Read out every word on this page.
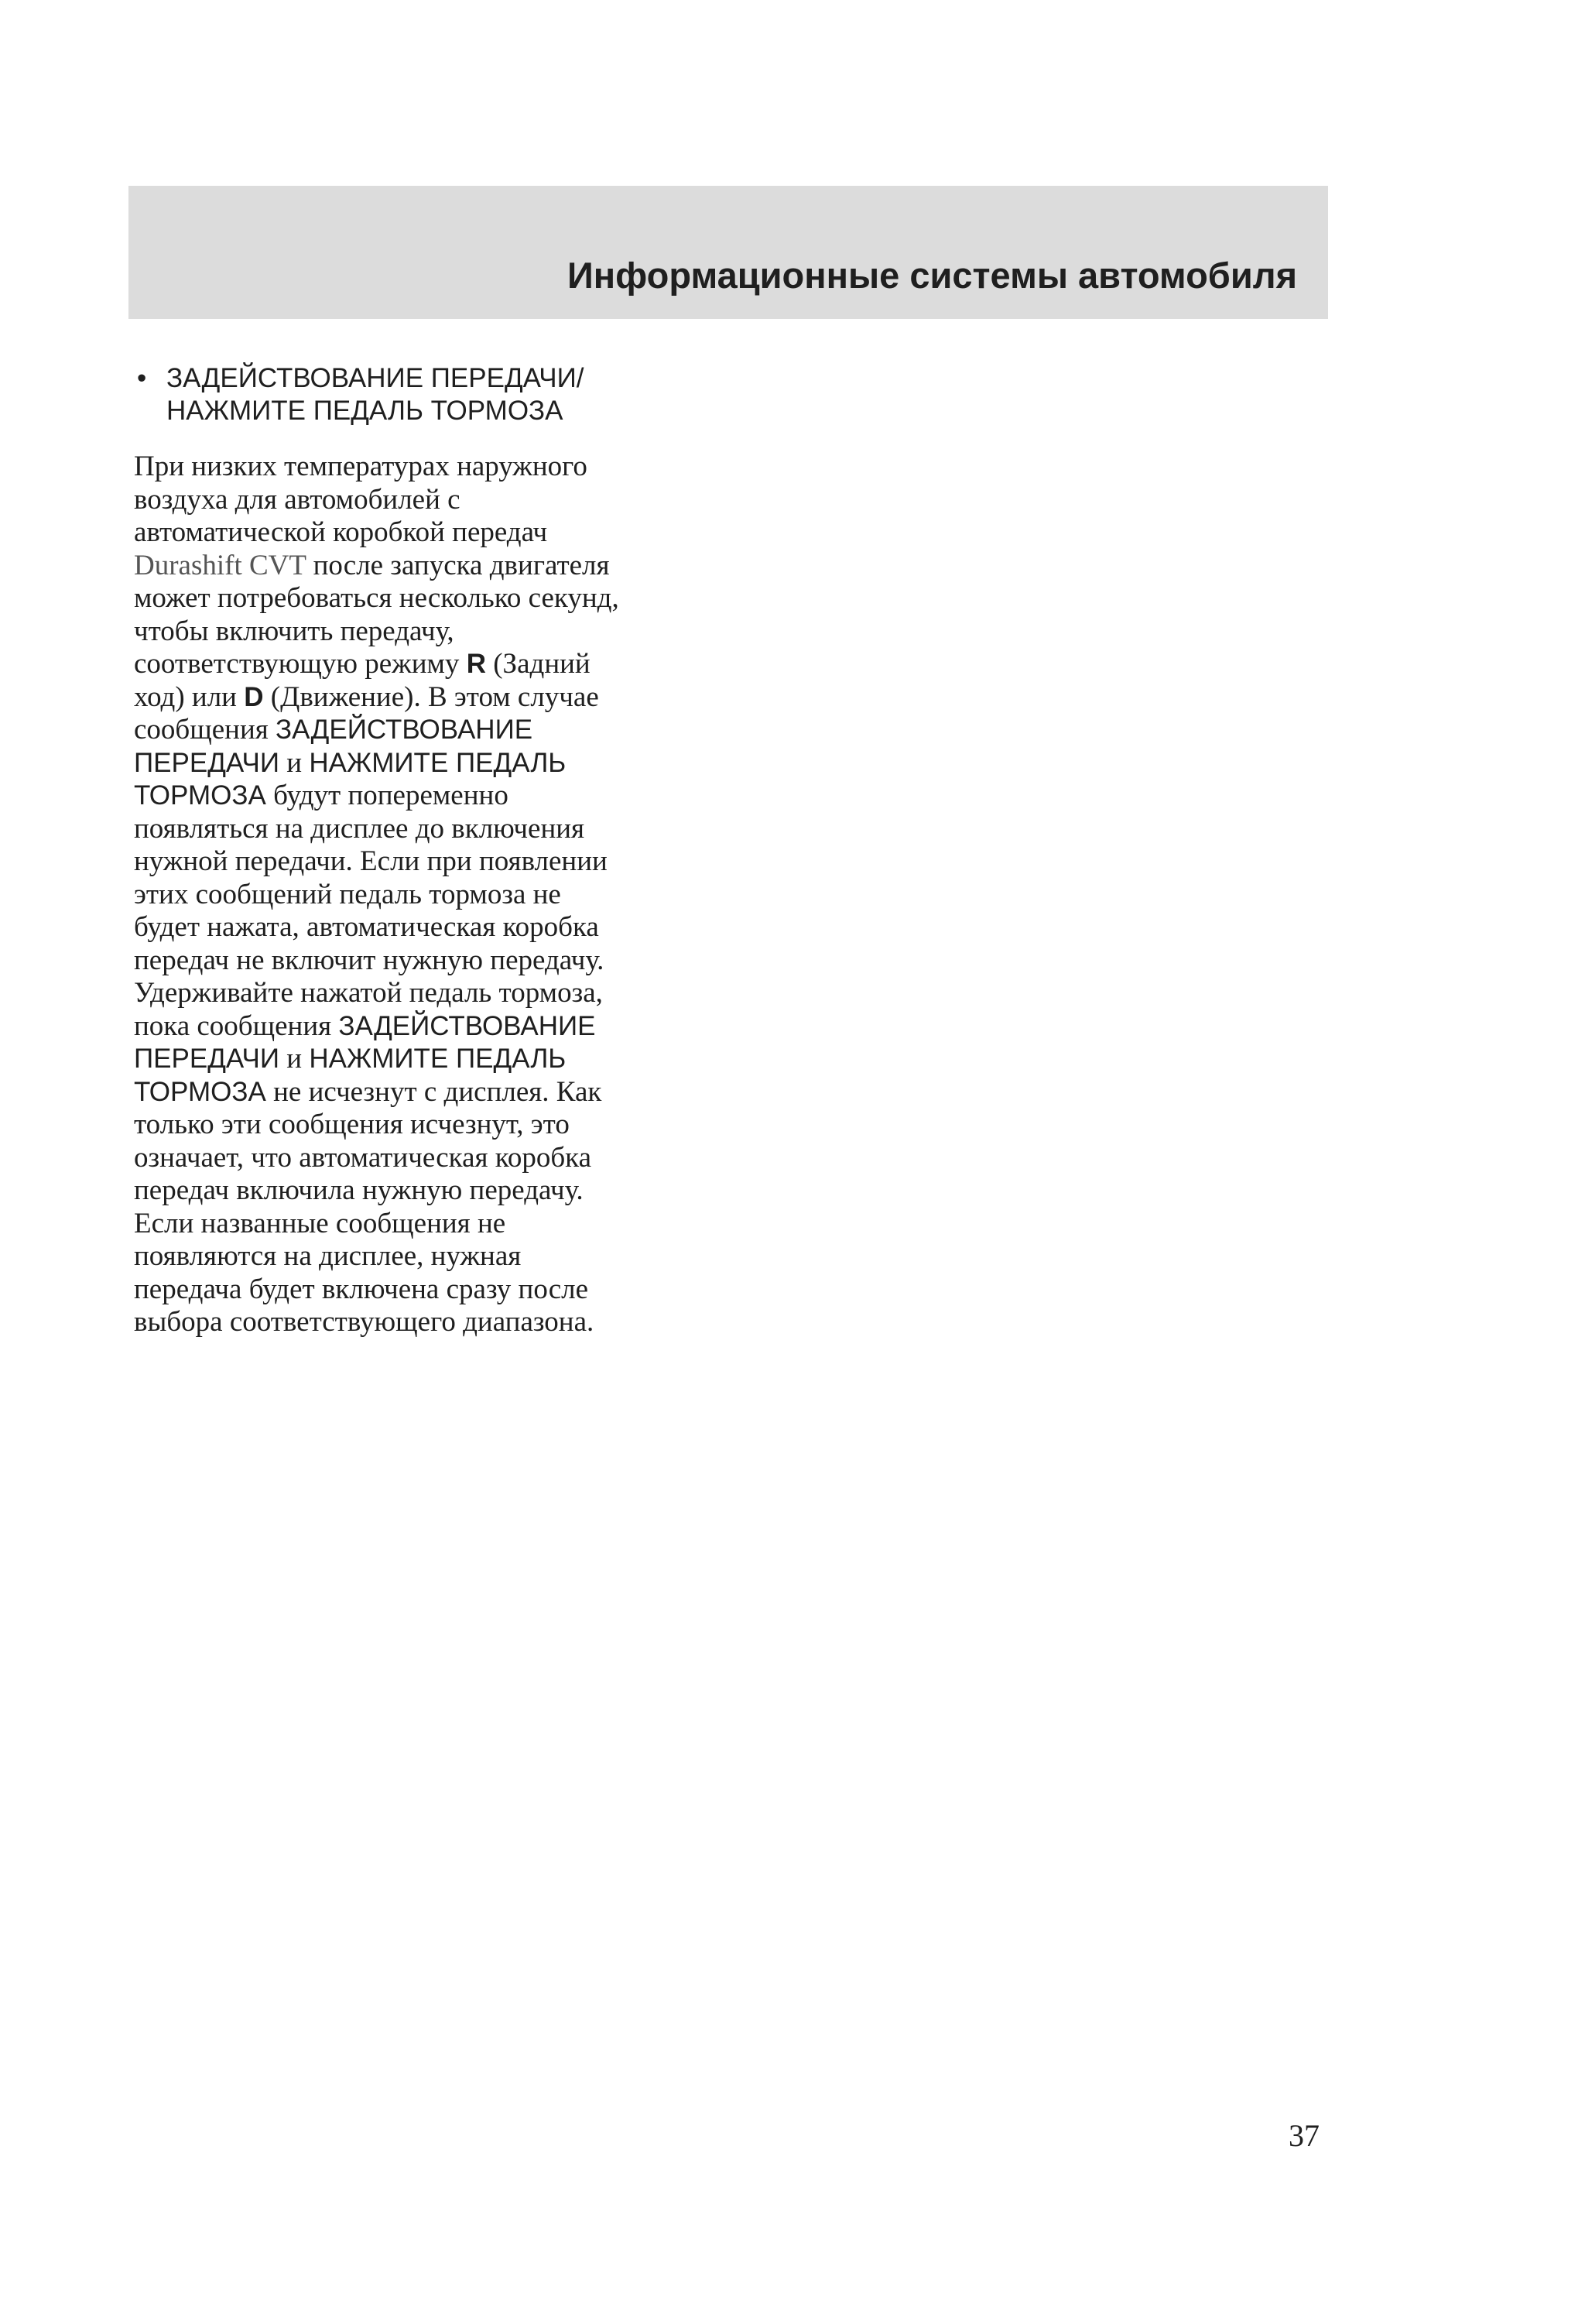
Информационные системы автомобиля
• ЗАДЕЙСТВОВАНИЕ ПЕРЕДАЧИ/
НАЖМИТЕ ПЕДАЛЬ ТОРМОЗА
При низких температурах наружного
воздуха для автомобилей с
автоматической коробкой передач
Durashift CVT после запуска двигателя
может потребоваться несколько секунд,
чтобы включить передачу,
соответствующую режиму R (Задний
ход) или D (Движение). В этом случае
сообщения ЗАДЕЙСТВОВАНИЕ
ПЕРЕДАЧИ и НАЖМИТЕ ПЕДАЛЬ
ТОРМОЗА будут попеременно
появляться на дисплее до включения
нужной передачи. Если при появлении
этих сообщений педаль тормоза не
будет нажата, автоматическая коробка
передач не включит нужную передачу.
Удерживайте нажатой педаль тормоза,
пока сообщения ЗАДЕЙСТВОВАНИЕ
ПЕРЕДАЧИ и НАЖМИТЕ ПЕДАЛЬ
ТОРМОЗА не исчезнут с дисплея. Как
только эти сообщения исчезнут, это
означает, что автоматическая коробка
передач включила нужную передачу.
Если названные сообщения не
появляются на дисплее, нужная
передача будет включена сразу после
выбора соответствующего диапазона.
37
